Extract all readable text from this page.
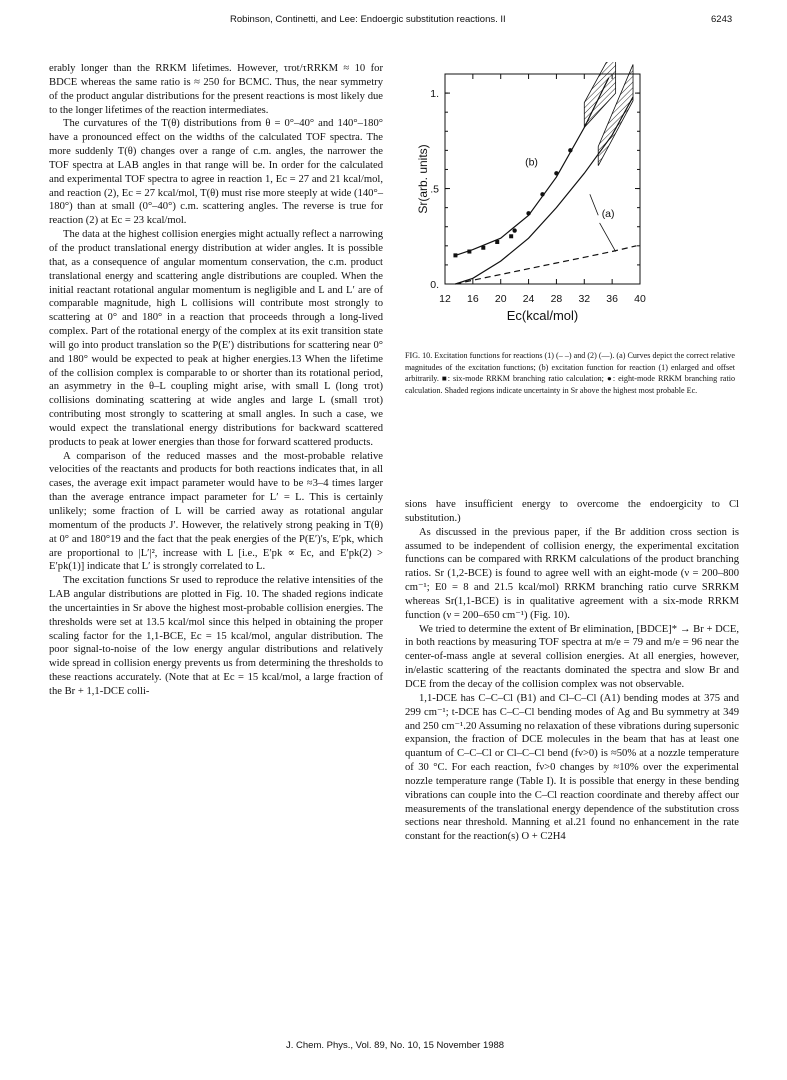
Robinson, Continetti, and Lee: Endoergic substitution reactions. II	6243

erably longer than the RRKM lifetimes. However, τrot/τRRKM ≈ 10 for BDCE whereas the same ratio is ≈ 250 for BCMC. Thus, the near symmetry of the product angular distributions for the present reactions is most likely due to the longer lifetimes of the reaction intermediates.

The curvatures of the T(θ) distributions from θ = 0°–40° and 140°–180° have a pronounced effect on the widths of the calculated TOF spectra. The more suddenly T(θ) changes over a range of c.m. angles, the narrower the TOF spectra at LAB angles in that range will be. In order for the calculated and experimental TOF spectra to agree in reaction 1, Ec = 27 and 21 kcal/mol, and reaction (2), Ec = 27 kcal/mol, T(θ) must rise more steeply at wide (140°–180°) than at small (0°–40°) c.m. scattering angles. The reverse is true for reaction (2) at Ec = 23 kcal/mol.

The data at the highest collision energies might actually reflect a narrowing of the product translational energy distribution at wider angles. It is possible that, as a consequence of angular momentum conservation, the c.m. product translational energy and scattering angle distributions are coupled. When the initial reactant rotational angular momentum is negligible and L and L′ are of comparable magnitude, high L collisions will contribute most strongly to scattering at 0° and 180° in a reaction that proceeds through a long-lived complex. Part of the rotational energy of the complex at its exit transition state will go into product translation so the P(E′) distributions for scattering near 0° and 180° would be expected to peak at higher energies.13 When the lifetime of the collision complex is comparable to or shorter than its rotational period, an asymmetry in the θ–L coupling might arise, with small L (long τrot) collisions dominating scattering at wide angles and large L (small τrot) contributing most strongly to scattering at small angles. In such a case, we would expect the translational energy distributions for backward scattered products to peak at lower energies than those for forward scattered products.

A comparison of the reduced masses and the most-probable relative velocities of the reactants and products for both reactions indicates that, in all cases, the average exit impact parameter would have to be ≈3–4 times larger than the average entrance impact parameter for L′ = L. This is certainly unlikely; some fraction of L will be carried away as rotational angular momentum of the products J′. However, the relatively strong peaking in T(θ) at 0° and 180°19 and the fact that the peak energies of the P(E′)'s, E′pk, which are proportional to |L′|², increase with L [i.e., E′pk ∝ Ec, and E′pk(2) > E′pk(1)] indicate that L′ is strongly correlated to L.

The excitation functions Sr used to reproduce the relative intensities of the LAB angular distributions are plotted in Fig. 10. The shaded regions indicate the uncertainties in Sr above the highest most-probable collision energies. The thresholds were set at 13.5 kcal/mol since this helped in obtaining the proper scaling factor for the 1,1-BCE, Ec = 15 kcal/mol, angular distribution. The poor signal-to-noise of the low energy angular distributions and relatively wide spread in collision energy prevents us from determining the thresholds to these reactions accurately. (Note that at Ec = 15 kcal/mol, a large fraction of the Br + 1,1-DCE colli-

12 16 20 24 28 32 36 40
0.
.5
1.
(b)
(a)
Ec(kcal/mol)
Sr(arb. units)
FIG. 10. Excitation functions for reactions (1) (– –) and (2) (—). (a) Curves depict the correct relative magnitudes of the excitation functions; (b) excitation function for reaction (1) enlarged and offset arbitrarily. ■: six-mode RRKM branching ratio calculation; ●: eight-mode RRKM branching ratio calculation. Shaded regions indicate uncertainty in Sr above the highest most probable Ec.

sions have insufficient energy to overcome the endoergicity to Cl substitution.)

As discussed in the previous paper, if the Br addition cross section is assumed to be independent of collision energy, the experimental excitation functions can be compared with RRKM calculations of the product branching ratios. Sr (1,2-BCE) is found to agree well with an eight-mode (ν = 200–800 cm⁻¹; E0 = 8 and 21.5 kcal/mol) RRKM branching ratio curve SRRKM whereas Sr(1,1-BCE) is in qualitative agreement with a six-mode RRKM function (ν = 200–650 cm⁻¹) (Fig. 10).

We tried to determine the extent of Br elimination, [BDCE]* → Br + DCE, in both reactions by measuring TOF spectra at m/e = 79 and m/e = 96 near the center-of-mass angle at several collision energies. At all energies, however, in/elastic scattering of the reactants dominated the spectra and slow Br and DCE from the decay of the collision complex was not observable.

1,1-DCE has C–C–Cl (B1) and Cl–C–Cl (A1) bending modes at 375 and 299 cm⁻¹; t-DCE has C–C–Cl bending modes of Ag and Bu symmetry at 349 and 250 cm⁻¹.20 Assuming no relaxation of these vibrations during supersonic expansion, the fraction of DCE molecules in the beam that has at least one quantum of C–C–Cl or Cl–C–Cl bend (fν>0) is ≈50% at a nozzle temperature of 30 °C. For each reaction, fν>0 changes by ≈10% over the experimental nozzle temperature range (Table I). It is possible that energy in these bending vibrations can couple into the C–Cl reaction coordinate and thereby affect our measurements of the translational energy dependence of the substitution cross sections near threshold. Manning et al.21 found no enhancement in the rate constant for the reaction(s) O + C2H4

J. Chem. Phys., Vol. 89, No. 10, 15 November 1988
